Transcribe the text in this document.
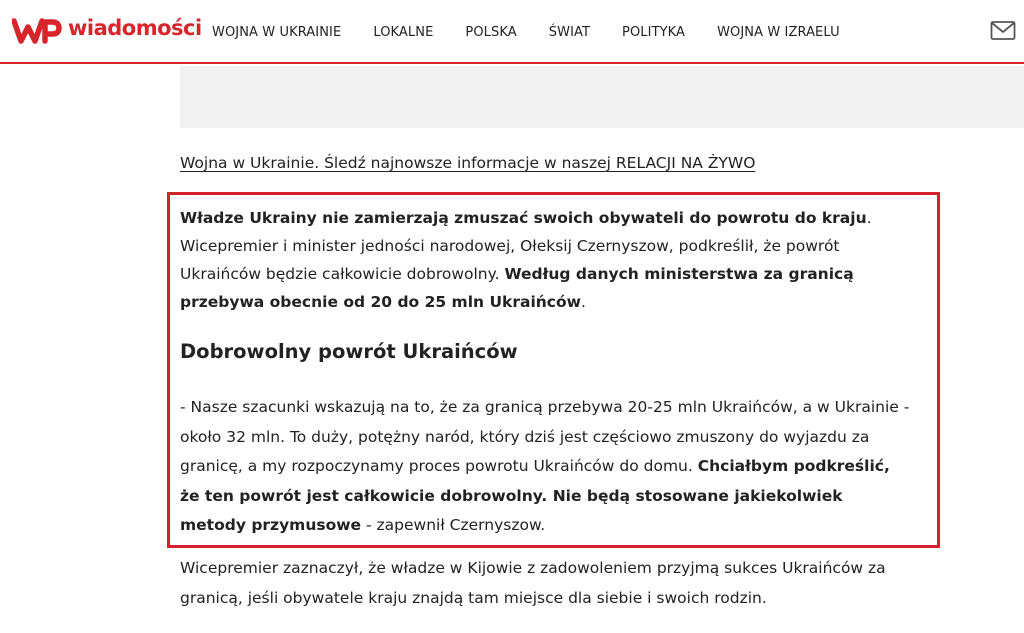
wiadomości WOJNA W UKRAINIE LOKALNE POLSKA ŚWIAT POLITYKA WOJNA W IZRAELU
Wojna w Ukrainie. Śledź najnowsze informacje w naszej RELACJI NA ŻYWO

Władze Ukrainy nie zamierzają zmuszać swoich obywateli do powrotu do kraju. Wicepremier i minister jedności narodowej, Ołeksij Czernyszow, podkreślił, że powrót Ukraińców będzie całkowicie dobrowolny. Według danych ministerstwa za granicą przebywa obecnie od 20 do 25 mln Ukraińców.

Dobrowolny powrót Ukraińców

- Nasze szacunki wskazują na to, że za granicą przebywa 20-25 mln Ukraińców, a w Ukrainie - około 32 mln. To duży, potężny naród, który dziś jest częściowo zmuszony do wyjazdu za granicę, a my rozpoczynamy proces powrotu Ukraińców do domu. Chciałbym podkreślić, że ten powrót jest całkowicie dobrowolny. Nie będą stosowane jakiekolwiek metody przymusowe - zapewnił Czernyszow.

Wicepremier zaznaczył, że władze w Kijowie z zadowoleniem przyjmą sukces Ukraińców za granicą, jeśli obywatele kraju znajdą tam miejsce dla siebie i swoich rodzin.
